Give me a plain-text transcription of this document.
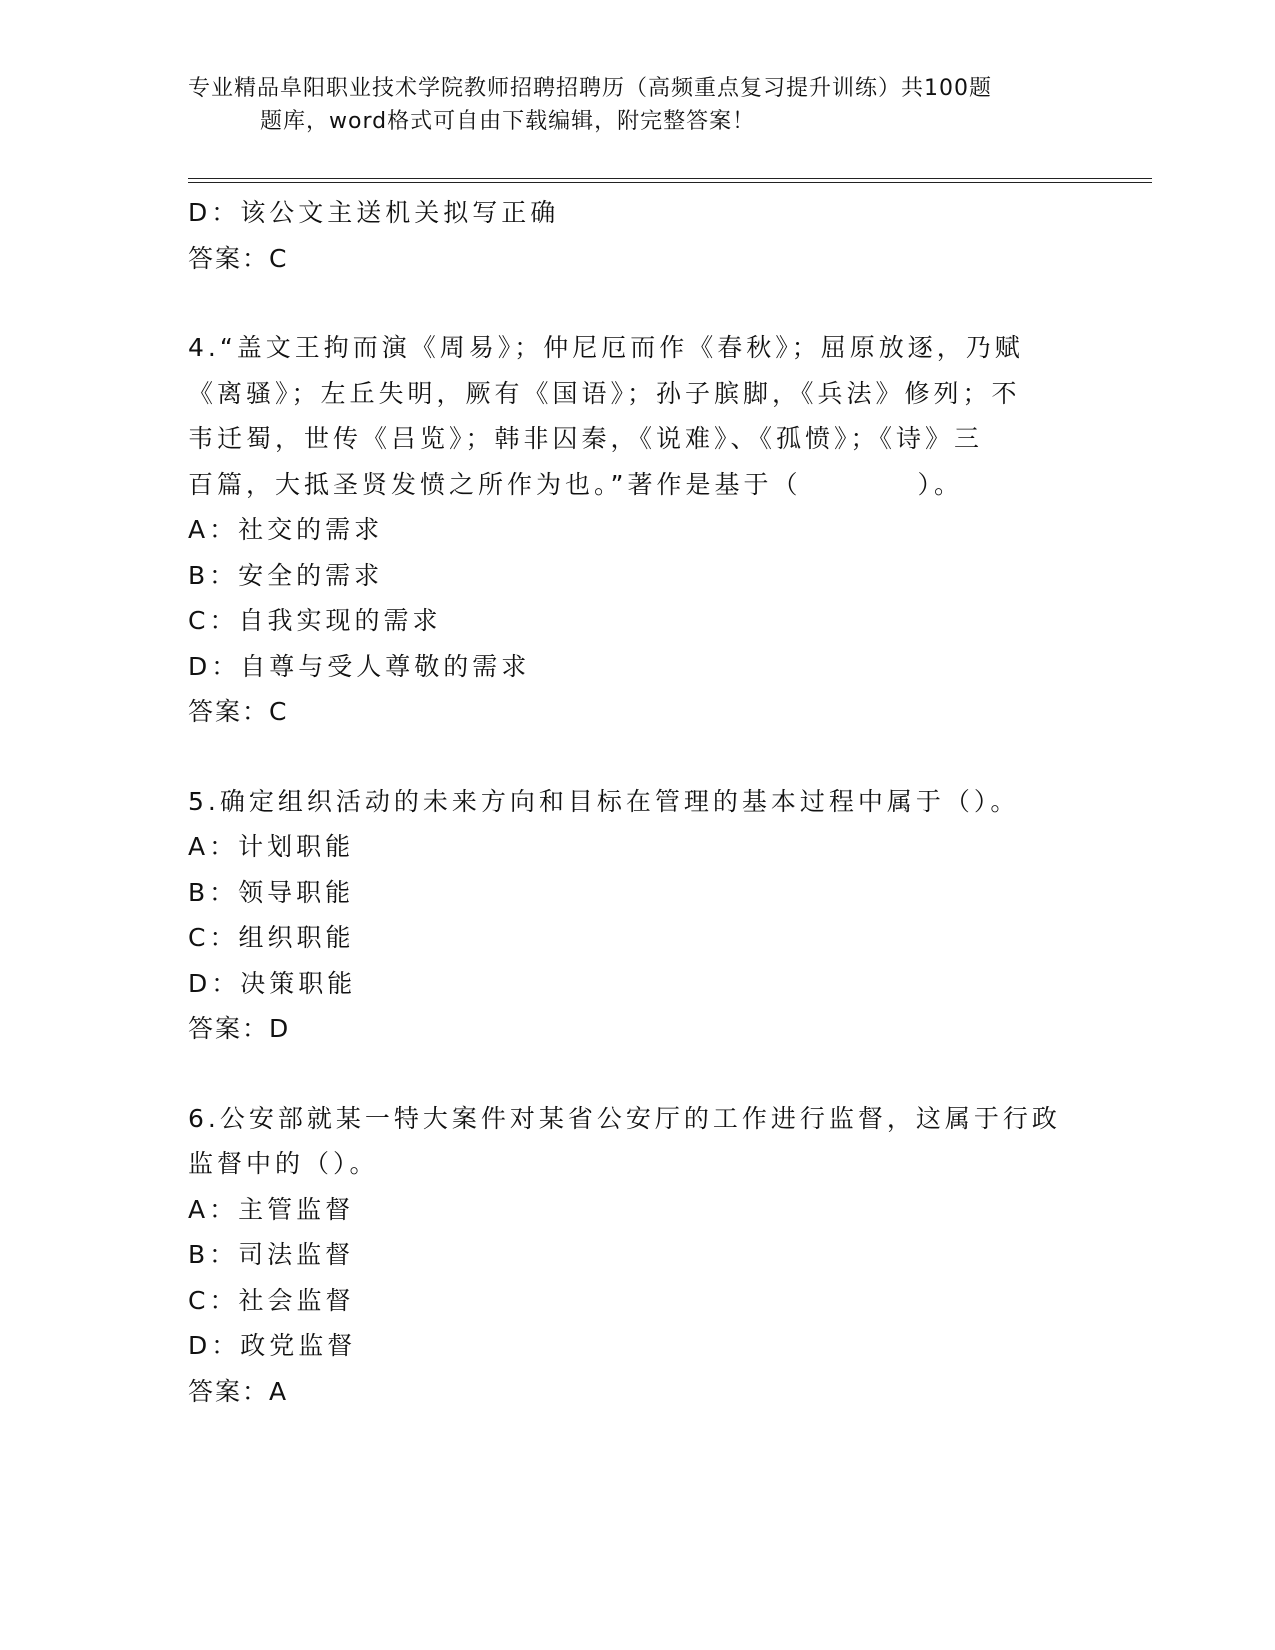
专业精品阜阳职业技术学院教师招聘招聘历（高频重点复习提升训练）共100题
题库，word格式可自由下载编辑，附完整答案！
D：该公文主送机关拟写正确
答案：C
4.“盖文王拘而演《周易》；仲尼厄而作《春秋》；屈原放逐，乃赋
《离骚》；左丘失明，厥有《国语》；孙子膑脚，《兵法》修列；不
韦迁蜀，世传《吕览》；韩非囚秦，《说难》、《孤愤》；《诗》三
百篇，大抵圣贤发愤之所作为也。”著作是基于（　　　　）。
A：社交的需求
B：安全的需求
C：自我实现的需求
D：自尊与受人尊敬的需求
答案：C
5.确定组织活动的未来方向和目标在管理的基本过程中属于（）。
A：计划职能
B：领导职能
C：组织职能
D：决策职能
答案：D
6.公安部就某一特大案件对某省公安厅的工作进行监督，这属于行政
监督中的（）。
A：主管监督
B：司法监督
C：社会监督
D：政党监督
答案：A
